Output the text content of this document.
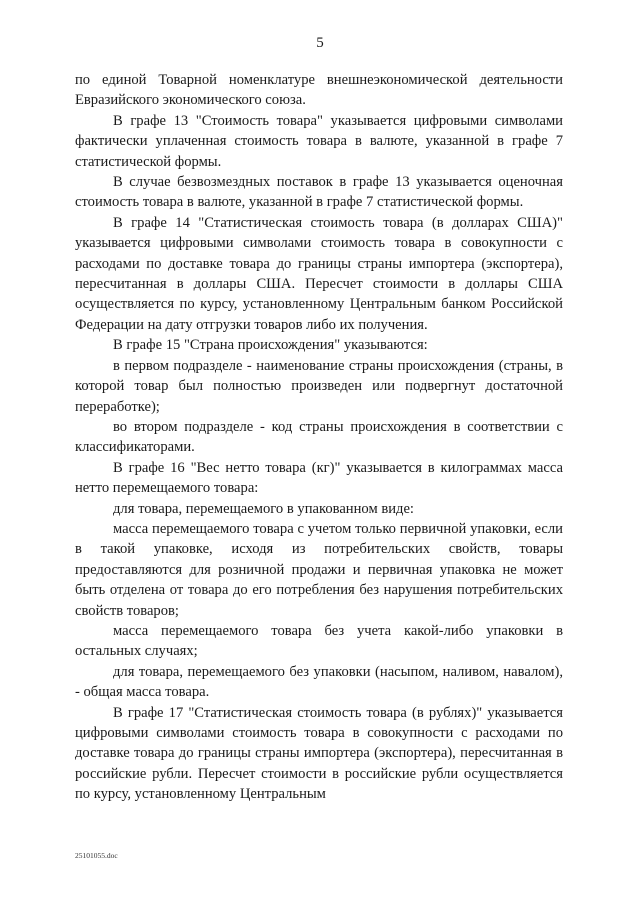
5

по единой Товарной номенклатуре внешнеэкономической деятельности Евразийского экономического союза.

В графе 13 "Стоимость товара" указывается цифровыми символами фактически уплаченная стоимость товара в валюте, указанной в графе 7 статистической формы.

В случае безвозмездных поставок в графе 13 указывается оценочная стоимость товара в валюте, указанной в графе 7 статистической формы.

В графе 14 "Статистическая стоимость товара (в долларах США)" указывается цифровыми символами стоимость товара в совокупности с расходами по доставке товара до границы страны импортера (экспортера), пересчитанная в доллары США. Пересчет стоимости в доллары США осуществляется по курсу, установленному Центральным банком Российской Федерации на дату отгрузки товаров либо их получения.

В графе 15 "Страна происхождения" указываются:

в первом подразделе - наименование страны происхождения (страны, в которой товар был полностью произведен или подвергнут достаточной переработке);

во втором подразделе - код страны происхождения в соответствии с классификаторами.

В графе 16 "Вес нетто товара (кг)" указывается в килограммах масса нетто перемещаемого товара:

для товара, перемещаемого в упакованном виде:

масса перемещаемого товара с учетом только первичной упаковки, если в такой упаковке, исходя из потребительских свойств, товары предоставляются для розничной продажи и первичная упаковка не может быть отделена от товара до его потребления без нарушения потребительских свойств товаров;

масса перемещаемого товара без учета какой-либо упаковки в остальных случаях;

для товара, перемещаемого без упаковки (насыпом, наливом, навалом), - общая масса товара.

В графе 17 "Статистическая стоимость товара (в рублях)" указывается цифровыми символами стоимость товара в совокупности с расходами по доставке товара до границы страны импортера (экспортера), пересчитанная в российские рубли. Пересчет стоимости в российские рубли осуществляется по курсу, установленному Центральным

25101055.doc
